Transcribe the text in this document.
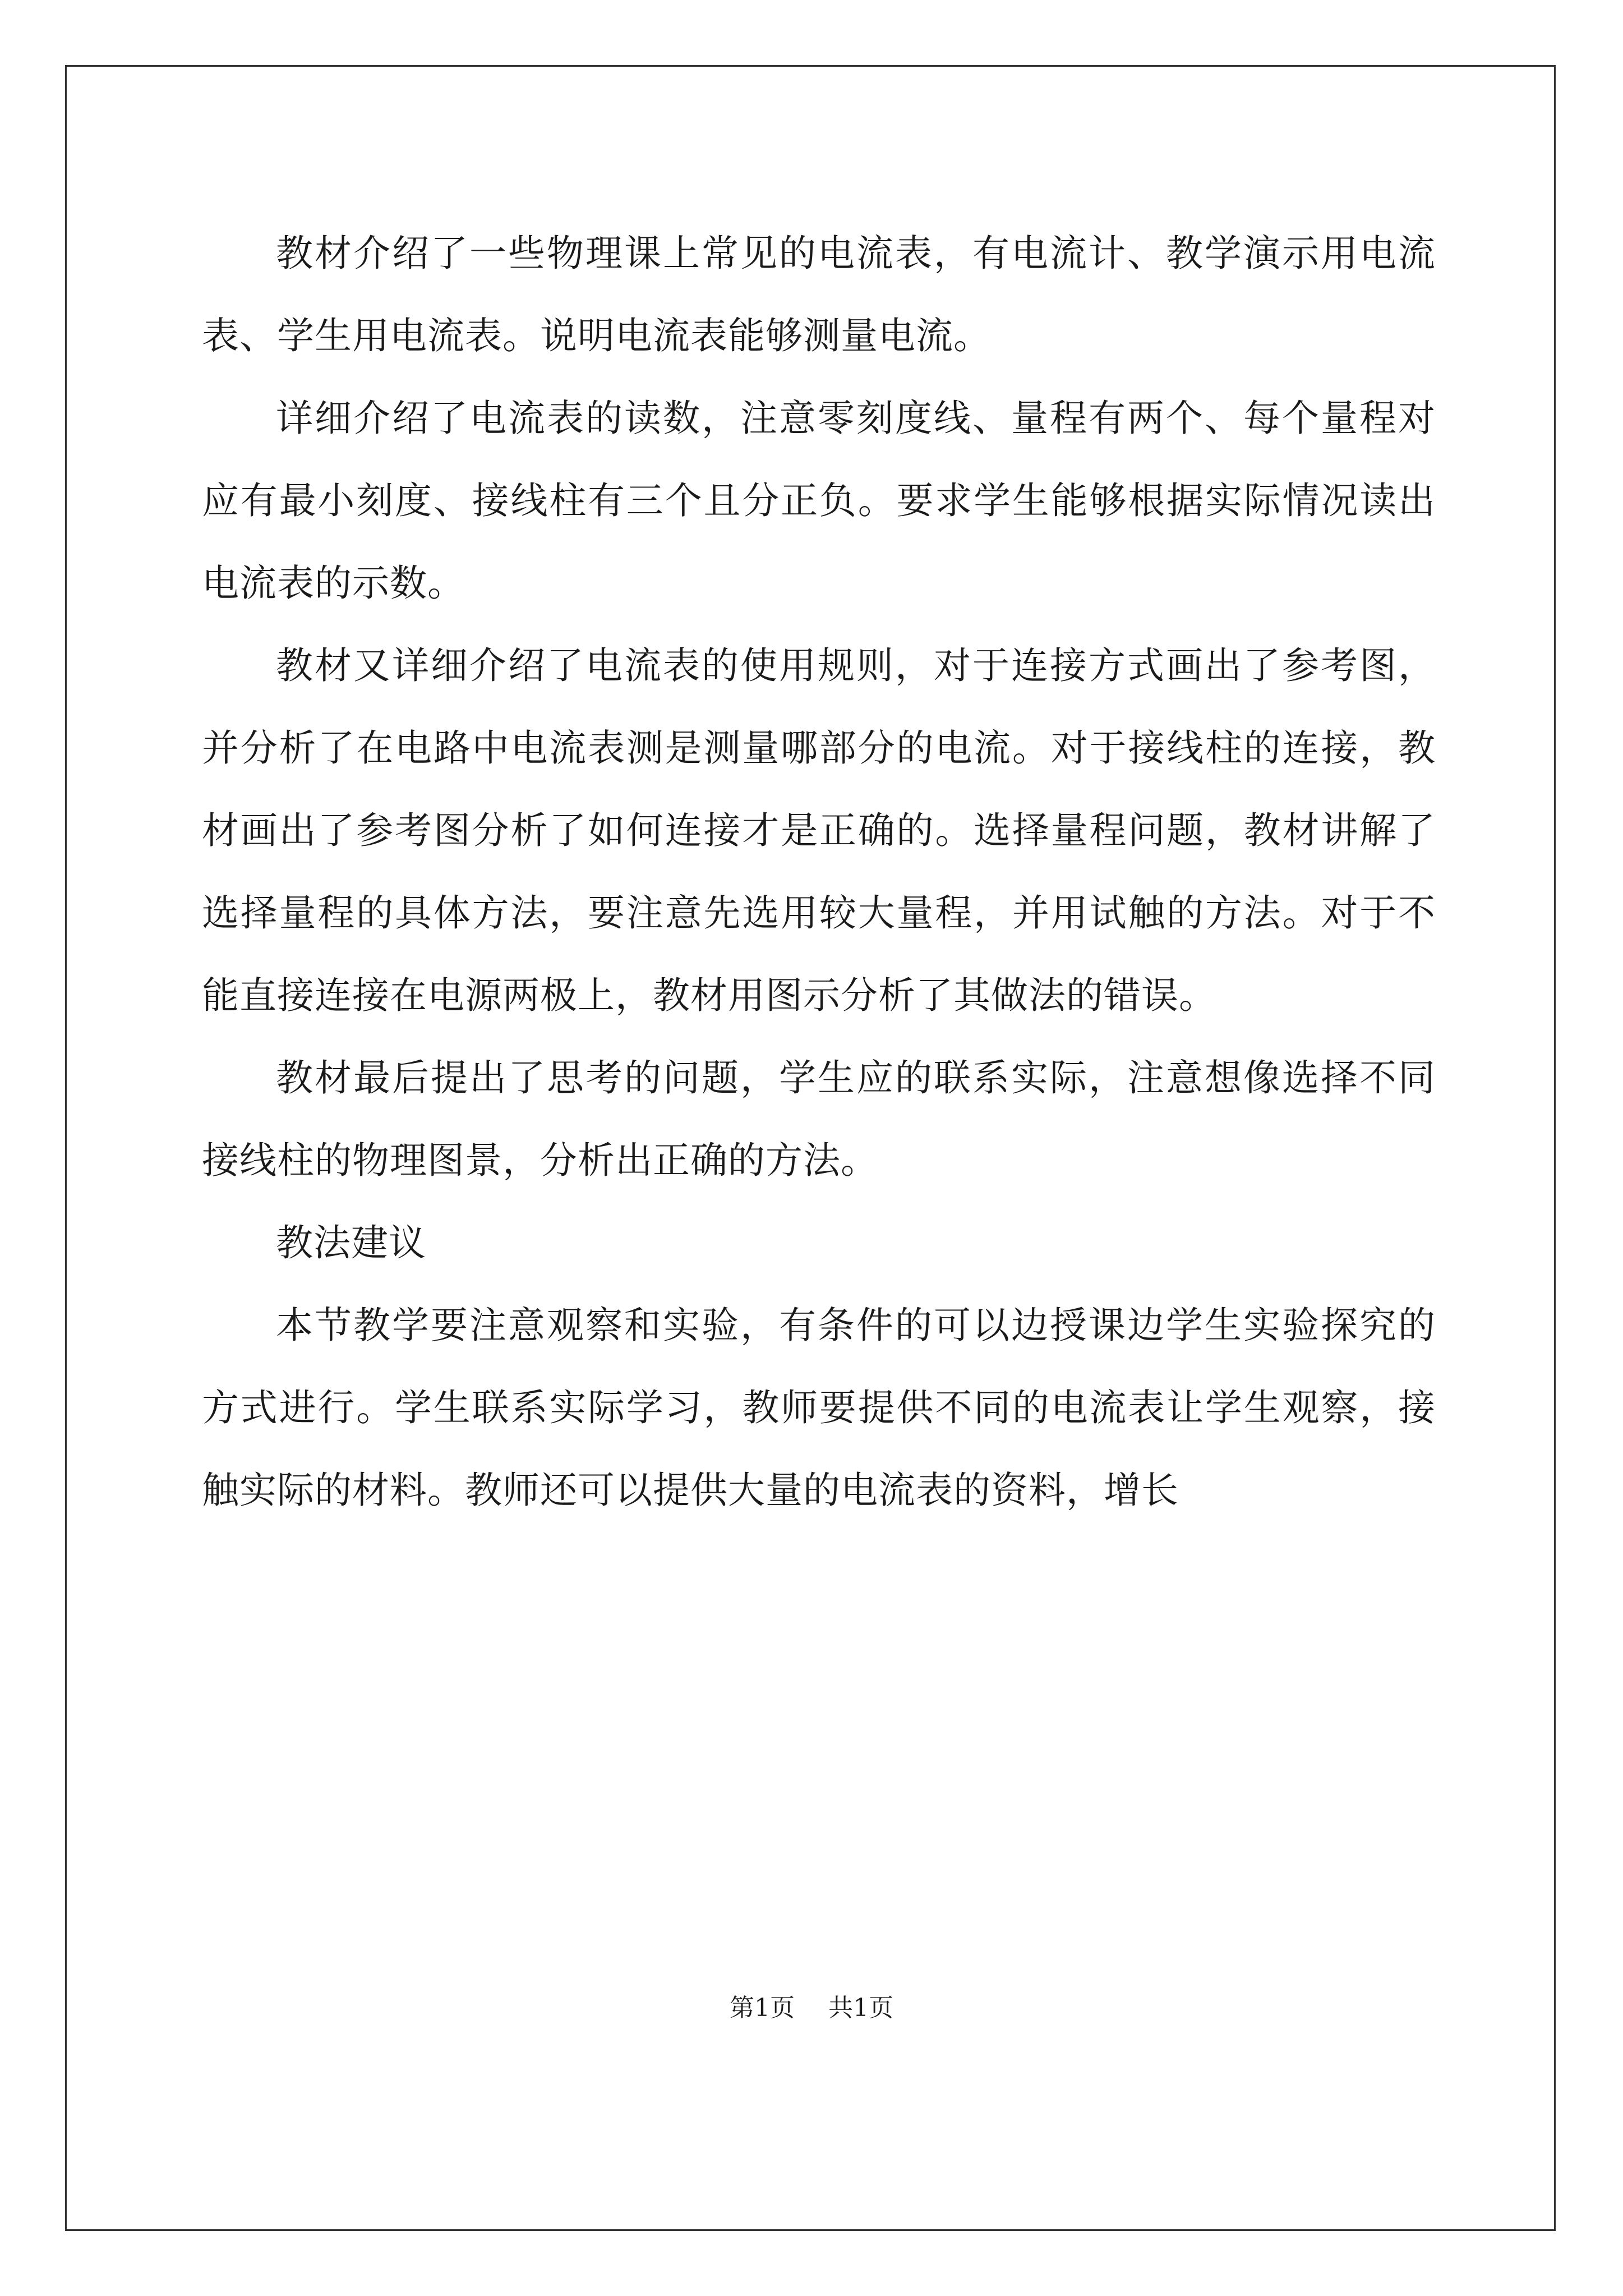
教材介绍了一些物理课上常见的电流表，有电流计、教学演示用电流表、学生用电流表。说明电流表能够测量电流。

详细介绍了电流表的读数，注意零刻度线、量程有两个、每个量程对应有最小刻度、接线柱有三个且分正负。要求学生能够根据实际情况读出电流表的示数。

教材又详细介绍了电流表的使用规则，对于连接方式画出了参考图，并分析了在电路中电流表测是测量哪部分的电流。对于接线柱的连接，教材画出了参考图分析了如何连接才是正确的。选择量程问题，教材讲解了选择量程的具体方法，要注意先选用较大量程，并用试触的方法。对于不能直接连接在电源两极上，教材用图示分析了其做法的错误。

教材最后提出了思考的问题，学生应的联系实际，注意想像选择不同接线柱的物理图景，分析出正确的方法。

教法建议

本节教学要注意观察和实验，有条件的可以边授课边学生实验探究的方式进行。学生联系实际学习，教师要提供不同的电流表让学生观察，接触实际的材料。教师还可以提供大量的电流表的资料，增长

第1页 共1页
